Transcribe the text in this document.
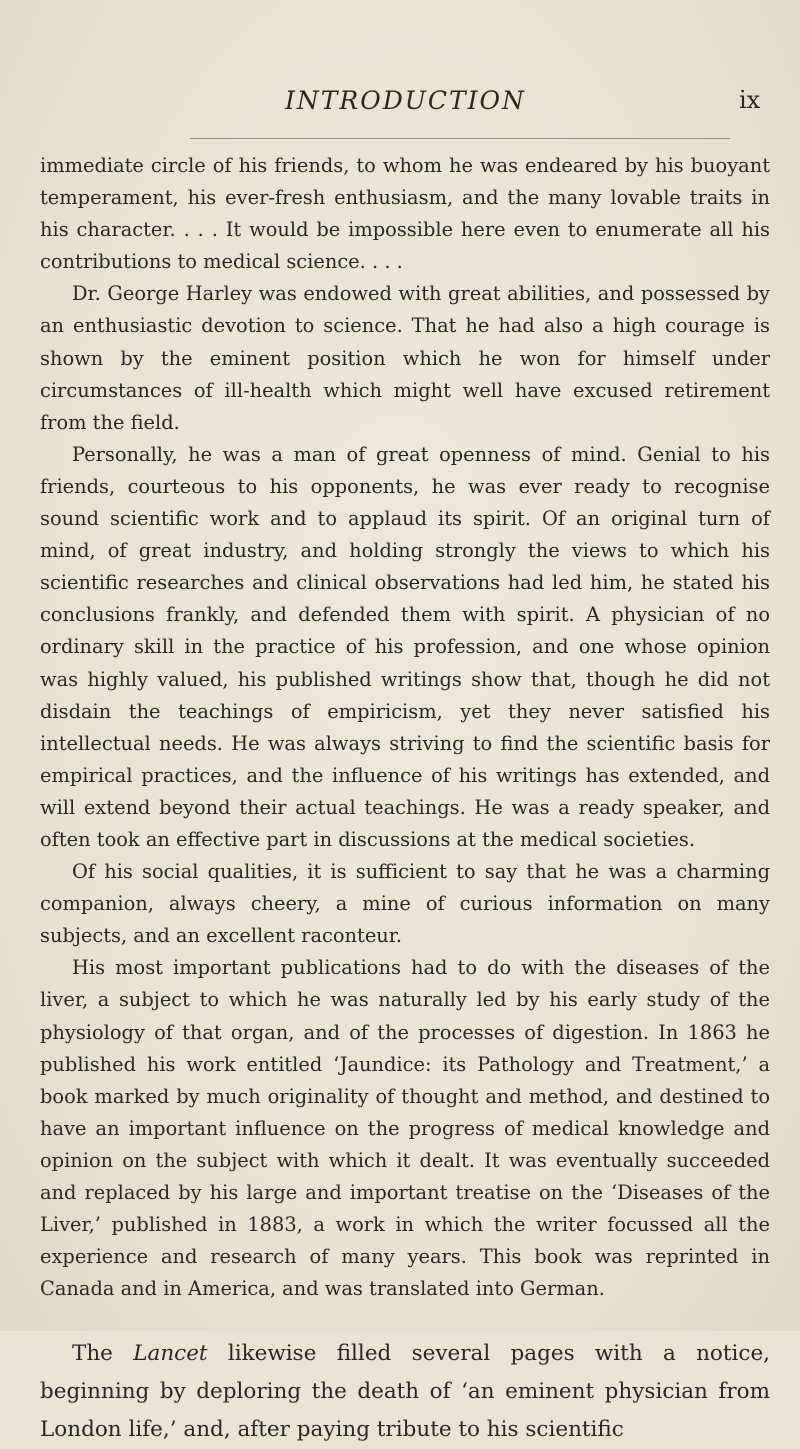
INTRODUCTION	ix

immediate circle of his friends, to whom he was endeared by his buoyant temperament, his ever-fresh enthusiasm, and the many lovable traits in his character. . . . It would be impossible here even to enumerate all his contributions to medical science. . . .

Dr. George Harley was endowed with great abilities, and possessed by an enthusiastic devotion to science. That he had also a high courage is shown by the eminent position which he won for himself under circumstances of ill-health which might well have excused retirement from the field.

Personally, he was a man of great openness of mind. Genial to his friends, courteous to his opponents, he was ever ready to recognise sound scientific work and to applaud its spirit. Of an original turn of mind, of great industry, and holding strongly the views to which his scientific researches and clinical observations had led him, he stated his conclusions frankly, and defended them with spirit. A physician of no ordinary skill in the practice of his profession, and one whose opinion was highly valued, his published writings show that, though he did not disdain the teachings of empiricism, yet they never satisfied his intellectual needs. He was always striving to find the scientific basis for empirical practices, and the influence of his writings has extended, and will extend beyond their actual teachings. He was a ready speaker, and often took an effective part in discussions at the medical societies.

Of his social qualities, it is sufficient to say that he was a charming companion, always cheery, a mine of curious information on many subjects, and an excellent raconteur.

His most important publications had to do with the diseases of the liver, a subject to which he was naturally led by his early study of the physiology of that organ, and of the processes of digestion. In 1863 he published his work entitled ‘Jaundice: its Pathology and Treatment,’ a book marked by much originality of thought and method, and destined to have an important influence on the progress of medical knowledge and opinion on the subject with which it dealt. It was eventually succeeded and replaced by his large and important treatise on the ‘Diseases of the Liver,’ published in 1883, a work in which the writer focussed all the experience and research of many years. This book was reprinted in Canada and in America, and was translated into German.

The Lancet likewise filled several pages with a notice, beginning by deploring the death of ‘an eminent physician from London life,’ and, after paying tribute to his scientific
